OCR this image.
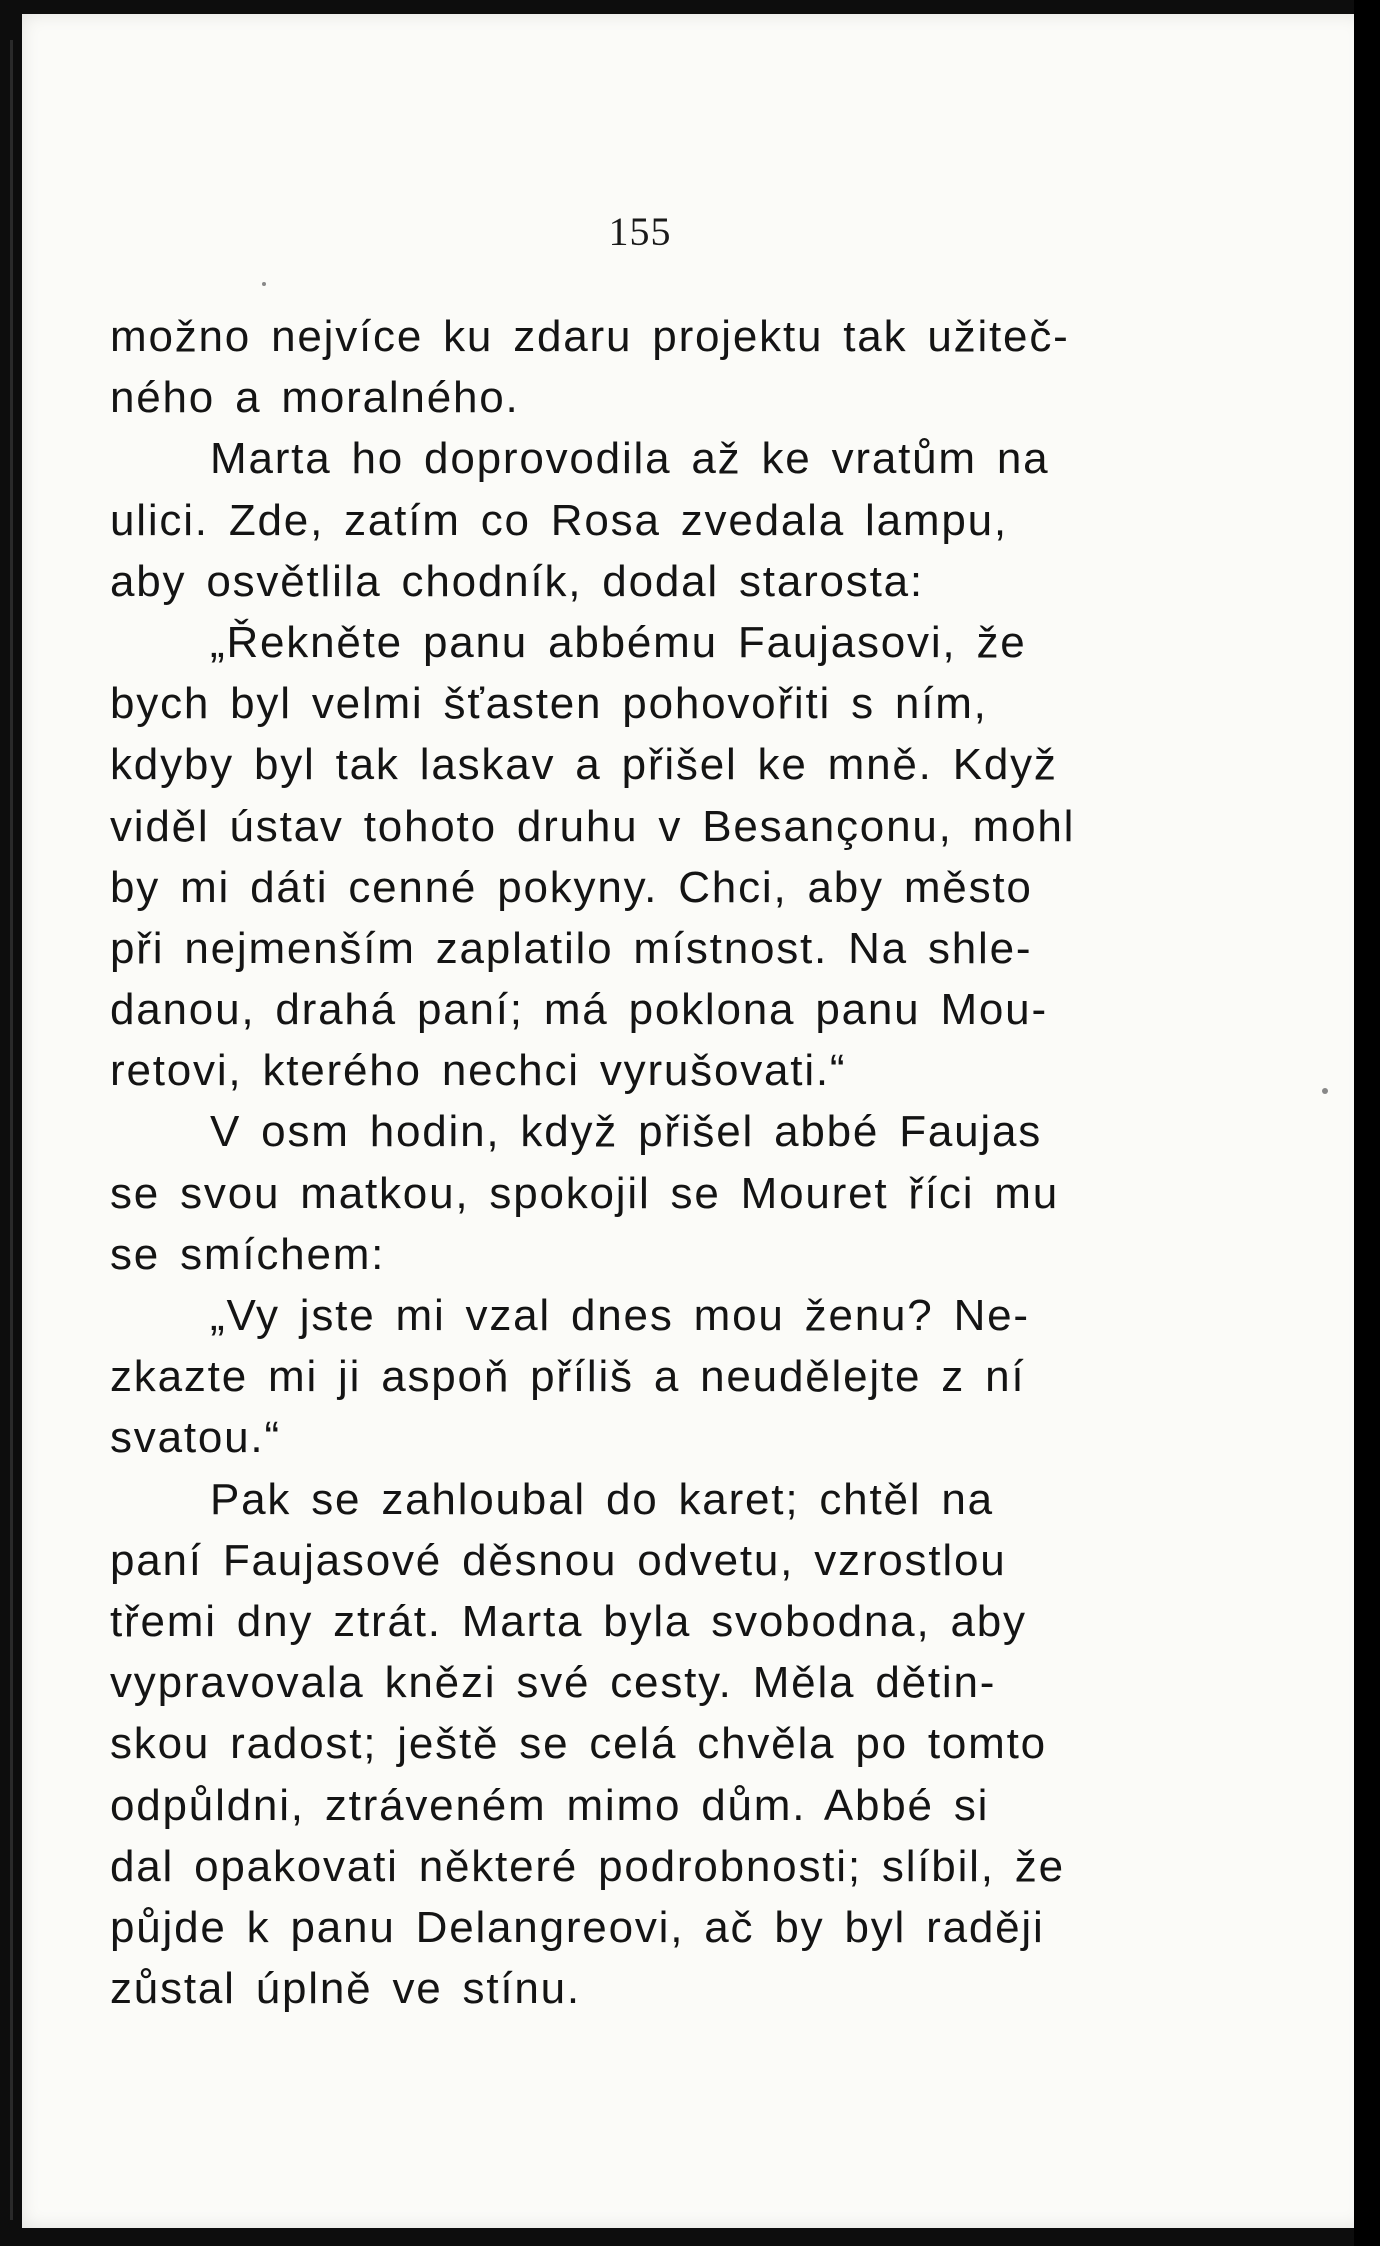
155
možno nejvíce ku zdaru projektu tak užiteč-
ného a moralného.
Marta ho doprovodila až ke vratům na
ulici. Zde, zatím co Rosa zvedala lampu,
aby osvětlila chodník, dodal starosta:
„Řekněte panu abbému Faujasovi, že
bych byl velmi šťasten pohovořiti s ním,
kdyby byl tak laskav a přišel ke mně. Když
viděl ústav tohoto druhu v Besançonu, mohl
by mi dáti cenné pokyny. Chci, aby město
při nejmenším zaplatilo místnost. Na shle-
danou, drahá paní; má poklona panu Mou-
retovi, kterého nechci vyrušovati.“
V osm hodin, když přišel abbé Faujas
se svou matkou, spokojil se Mouret říci mu
se smíchem:
„Vy jste mi vzal dnes mou ženu? Ne-
zkazte mi ji aspoň příliš a neudělejte z ní
svatou.“
Pak se zahloubal do karet; chtěl na
paní Faujasové děsnou odvetu, vzrostlou
třemi dny ztrát. Marta byla svobodna, aby
vypravovala knězi své cesty. Měla dětin-
skou radost; ještě se celá chvěla po tomto
odpůldni, ztráveném mimo dům. Abbé si
dal opakovati některé podrobnosti; slíbil, že
půjde k panu Delangreovi, ač by byl raději
zůstal úplně ve stínu.
